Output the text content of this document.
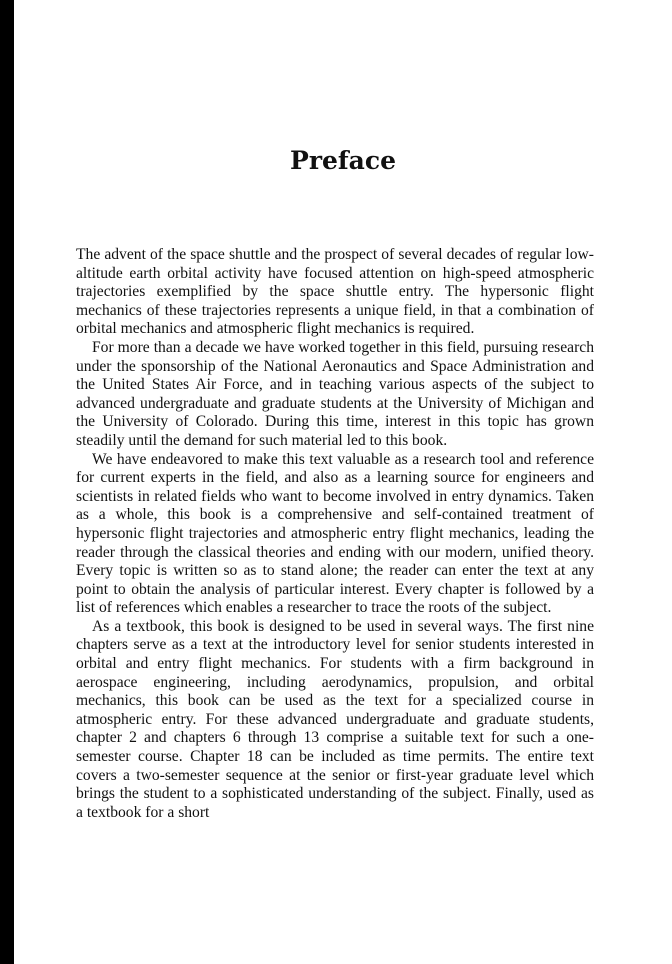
Preface

The advent of the space shuttle and the prospect of several decades of regular low-altitude earth orbital activity have focused attention on high-speed atmospheric trajectories exemplified by the space shuttle entry. The hypersonic flight mechanics of these trajectories represents a unique field, in that a combination of orbital mechanics and atmospheric flight mechanics is required.

For more than a decade we have worked together in this field, pursuing research under the sponsorship of the National Aeronautics and Space Administration and the United States Air Force, and in teaching various aspects of the subject to advanced undergraduate and graduate students at the University of Michigan and the University of Colorado. During this time, interest in this topic has grown steadily until the demand for such material led to this book.

We have endeavored to make this text valuable as a research tool and reference for current experts in the field, and also as a learning source for engineers and scientists in related fields who want to become involved in entry dynamics. Taken as a whole, this book is a comprehensive and self-contained treatment of hypersonic flight trajectories and atmospheric entry flight mechanics, leading the reader through the classical theories and ending with our modern, unified theory. Every topic is written so as to stand alone; the reader can enter the text at any point to obtain the analysis of particular interest. Every chapter is followed by a list of references which enables a researcher to trace the roots of the subject.

As a textbook, this book is designed to be used in several ways. The first nine chapters serve as a text at the introductory level for senior students interested in orbital and entry flight mechanics. For students with a firm background in aerospace engineering, including aerodynamics, propulsion, and orbital mechanics, this book can be used as the text for a specialized course in atmospheric entry. For these advanced undergraduate and graduate students, chapter 2 and chapters 6 through 13 comprise a suitable text for such a one-semester course. Chapter 18 can be included as time permits. The entire text covers a two-semester sequence at the senior or first-year graduate level which brings the student to a sophisticated understanding of the subject. Finally, used as a textbook for a short
